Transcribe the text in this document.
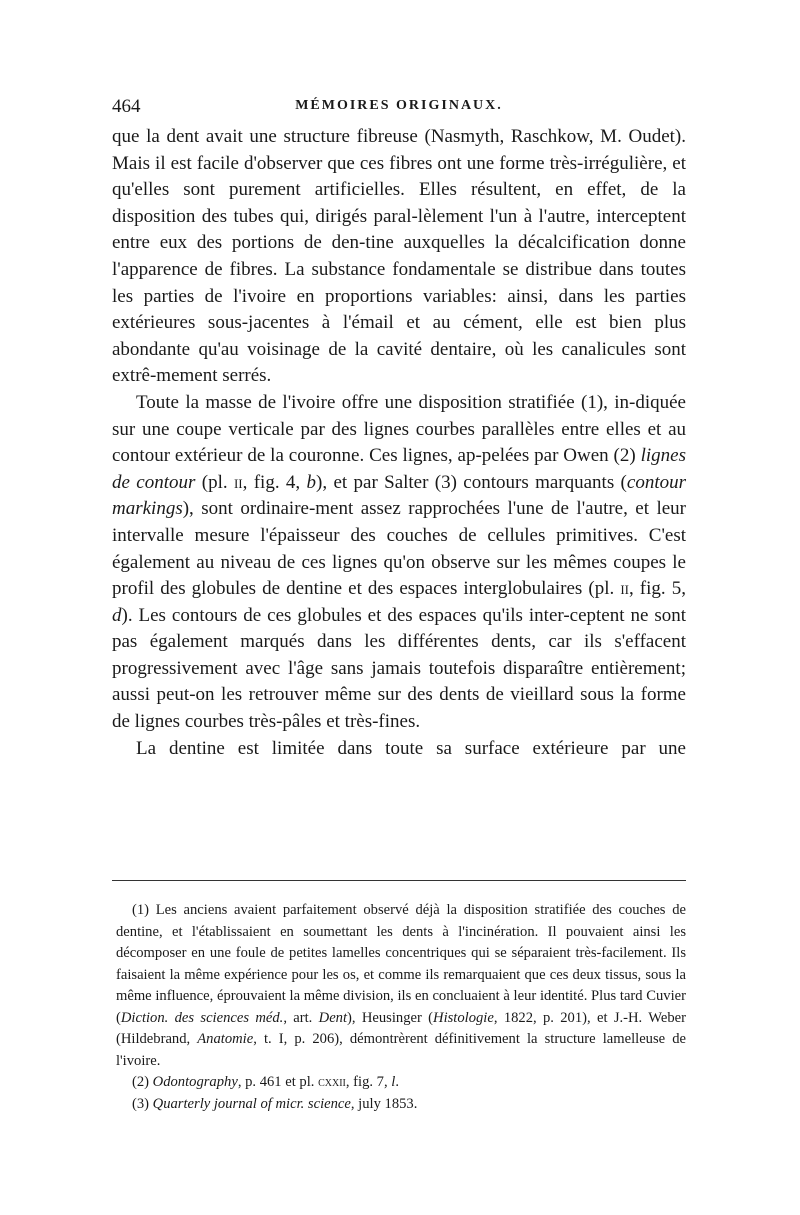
464	MÉMOIRES ORIGINAUX.

que la dent avait une structure fibreuse (Nasmyth, Raschkow, M. Oudet). Mais il est facile d'observer que ces fibres ont une forme très-irrégulière, et qu'elles sont purement artificielles. Elles résultent, en effet, de la disposition des tubes qui, dirigés paral-lèlement l'un à l'autre, interceptent entre eux des portions de den-tine auxquelles la décalcification donne l'apparence de fibres. La substance fondamentale se distribue dans toutes les parties de l'ivoire en proportions variables: ainsi, dans les parties extérieures sous-jacentes à l'émail et au cément, elle est bien plus abondante qu'au voisinage de la cavité dentaire, où les canalicules sont extrê-mement serrés.

Toute la masse de l'ivoire offre une disposition stratifiée (1), in-diquée sur une coupe verticale par des lignes courbes parallèles entre elles et au contour extérieur de la couronne. Ces lignes, ap-pelées par Owen (2) lignes de contour (pl. ii, fig. 4, b), et par Salter (3) contours marquants (contour markings), sont ordinaire-ment assez rapprochées l'une de l'autre, et leur intervalle mesure l'épaisseur des couches de cellules primitives. C'est également au niveau de ces lignes qu'on observe sur les mêmes coupes le profil des globules de dentine et des espaces interglobulaires (pl. ii, fig. 5, d). Les contours de ces globules et des espaces qu'ils inter-ceptent ne sont pas également marqués dans les différentes dents, car ils s'effacent progressivement avec l'âge sans jamais toutefois disparaître entièrement; aussi peut-on les retrouver même sur des dents de vieillard sous la forme de lignes courbes très-pâles et très-fines.

La dentine est limitée dans toute sa surface extérieure par une

(1) Les anciens avaient parfaitement observé déjà la disposition stratifiée des couches de dentine, et l'établissaient en soumettant les dents à l'incinération. Il pouvaient ainsi les décomposer en une foule de petites lamelles concentriques qui se séparaient très-facilement. Ils faisaient la même expérience pour les os, et comme ils remarquaient que ces deux tissus, sous la même influence, éprouvaient la même division, ils en concluaient à leur identité. Plus tard Cuvier (Diction. des sciences méd., art. Dent), Heusinger (Histologie, 1822, p. 201), et J.-H. Weber (Hildebrand, Anatomie, t. I, p. 206), démontrèrent définitivement la structure lamelleuse de l'ivoire.

(2) Odontography, p. 461 et pl. cxxii, fig. 7, l.

(3) Quarterly journal of micr. science, july 1853.
